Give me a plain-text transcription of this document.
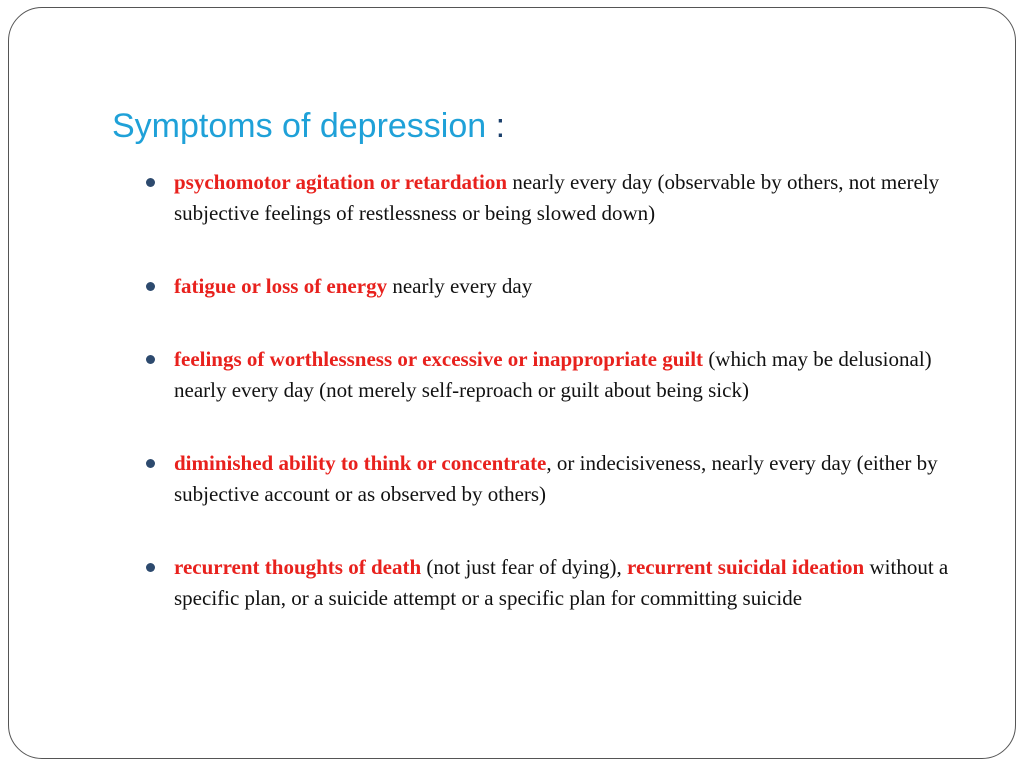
Symptoms of depression :
psychomotor agitation or retardation nearly every day (observable by others, not merely subjective feelings of restlessness or being slowed down)
fatigue or loss of energy nearly every day
feelings of worthlessness or excessive or inappropriate guilt (which may be delusional) nearly every day (not merely self-reproach or guilt about being sick)
diminished ability to think or concentrate, or indecisiveness, nearly every day (either by subjective account or as observed by others)
recurrent thoughts of death (not just fear of dying), recurrent suicidal ideation without a specific plan, or a suicide attempt or a specific plan for committing suicide
